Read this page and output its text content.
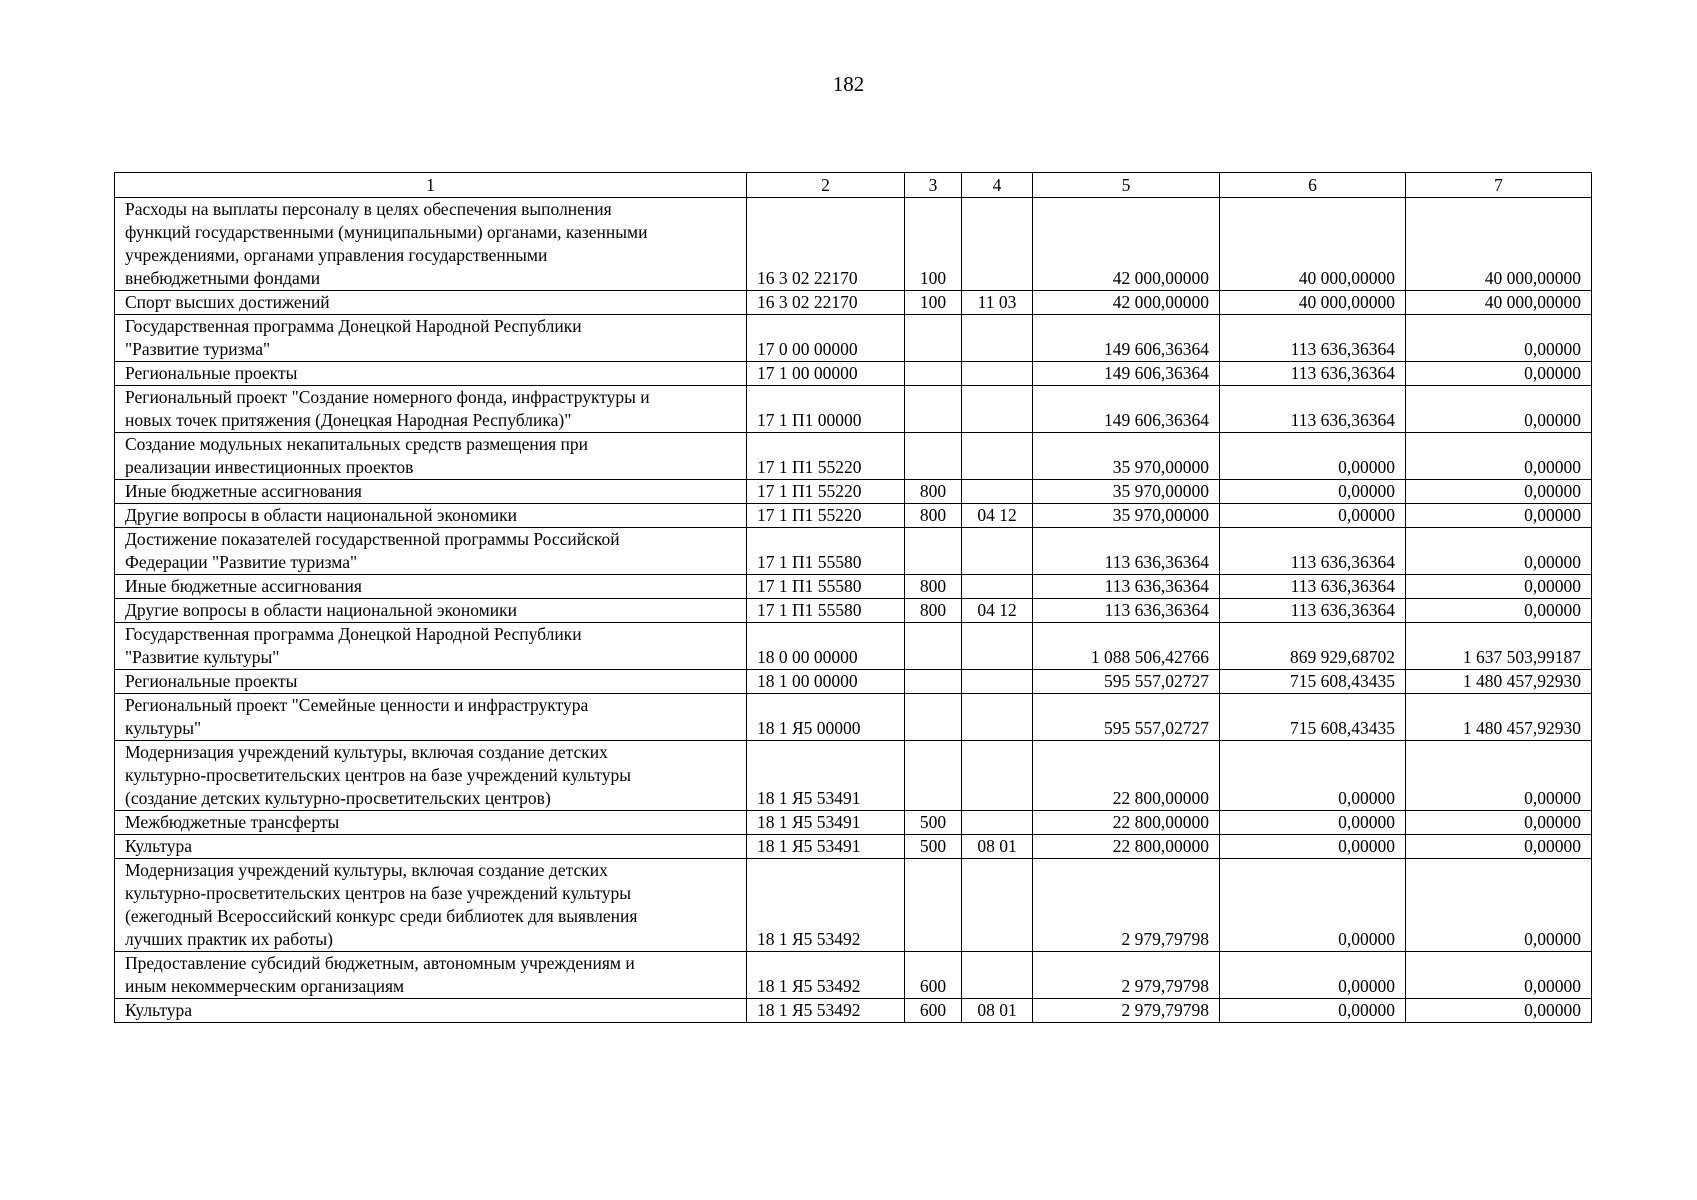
182
1	2	3	4	5	6	7

Расходы на выплаты персоналу в целях обеспечения выполнения
функций государственными (муниципальными) органами, казенными
учреждениями, органами управления государственными
внебюджетными фондами	16 3 02 22170	100		42 000,00000	40 000,00000	40 000,00000

Спорт высших достижений	16 3 02 22170	100	11 03	42 000,00000	40 000,00000	40 000,00000

Государственная программа Донецкой Народной Республики
"Развитие туризма"	17 0 00 00000			149 606,36364	113 636,36364	0,00000

Региональные проекты	17 1 00 00000			149 606,36364	113 636,36364	0,00000

Региональный проект "Создание номерного фонда, инфраструктуры и
новых точек притяжения (Донецкая Народная Республика)"	17 1 П1 00000			149 606,36364	113 636,36364	0,00000

Создание модульных некапитальных средств размещения при
реализации инвестиционных проектов	17 1 П1 55220			35 970,00000	0,00000	0,00000

Иные бюджетные ассигнования	17 1 П1 55220	800		35 970,00000	0,00000	0,00000

Другие вопросы в области национальной экономики	17 1 П1 55220	800	04 12	35 970,00000	0,00000	0,00000

Достижение показателей государственной программы Российской
Федерации "Развитие туризма"	17 1 П1 55580			113 636,36364	113 636,36364	0,00000

Иные бюджетные ассигнования	17 1 П1 55580	800		113 636,36364	113 636,36364	0,00000

Другие вопросы в области национальной экономики	17 1 П1 55580	800	04 12	113 636,36364	113 636,36364	0,00000

Государственная программа Донецкой Народной Республики
"Развитие культуры"	18 0 00 00000			1 088 506,42766	869 929,68702	1 637 503,99187

Региональные проекты	18 1 00 00000			595 557,02727	715 608,43435	1 480 457,92930

Региональный проект "Семейные ценности и инфраструктура
культуры"	18 1 Я5 00000			595 557,02727	715 608,43435	1 480 457,92930

Модернизация учреждений культуры, включая создание детских
культурно-просветительских центров на базе учреждений культуры
(создание детских культурно-просветительских центров)	18 1 Я5 53491			22 800,00000	0,00000	0,00000

Межбюджетные трансферты	18 1 Я5 53491	500		22 800,00000	0,00000	0,00000

Культура	18 1 Я5 53491	500	08 01	22 800,00000	0,00000	0,00000

Модернизация учреждений культуры, включая создание детских
культурно-просветительских центров на базе учреждений культуры
(ежегодный Всероссийский конкурс среди библиотек для выявления
лучших практик их работы)	18 1 Я5 53492			2 979,79798	0,00000	0,00000

Предоставление субсидий бюджетным, автономным учреждениям и
иным некоммерческим организациям	18 1 Я5 53492	600		2 979,79798	0,00000	0,00000

Культура	18 1 Я5 53492	600	08 01	2 979,79798	0,00000	0,00000
